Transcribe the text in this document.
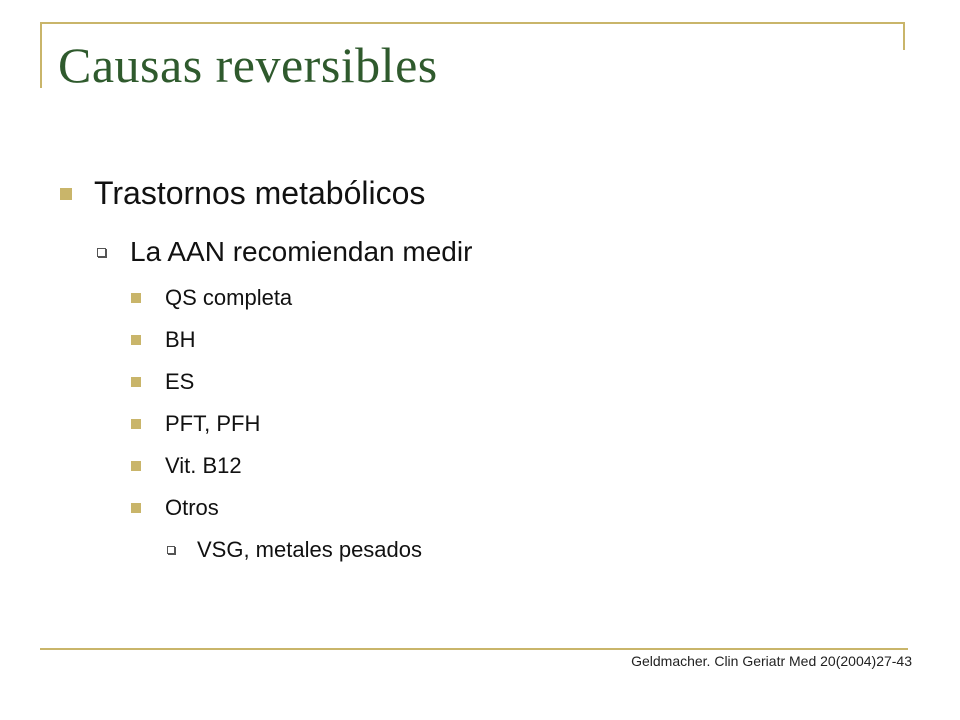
Causas reversibles
Trastornos metabólicos
La AAN recomiendan medir
QS completa
BH
ES
PFT, PFH
Vit. B12
Otros
VSG, metales pesados
Geldmacher. Clin Geriatr Med 20(2004)27-43
